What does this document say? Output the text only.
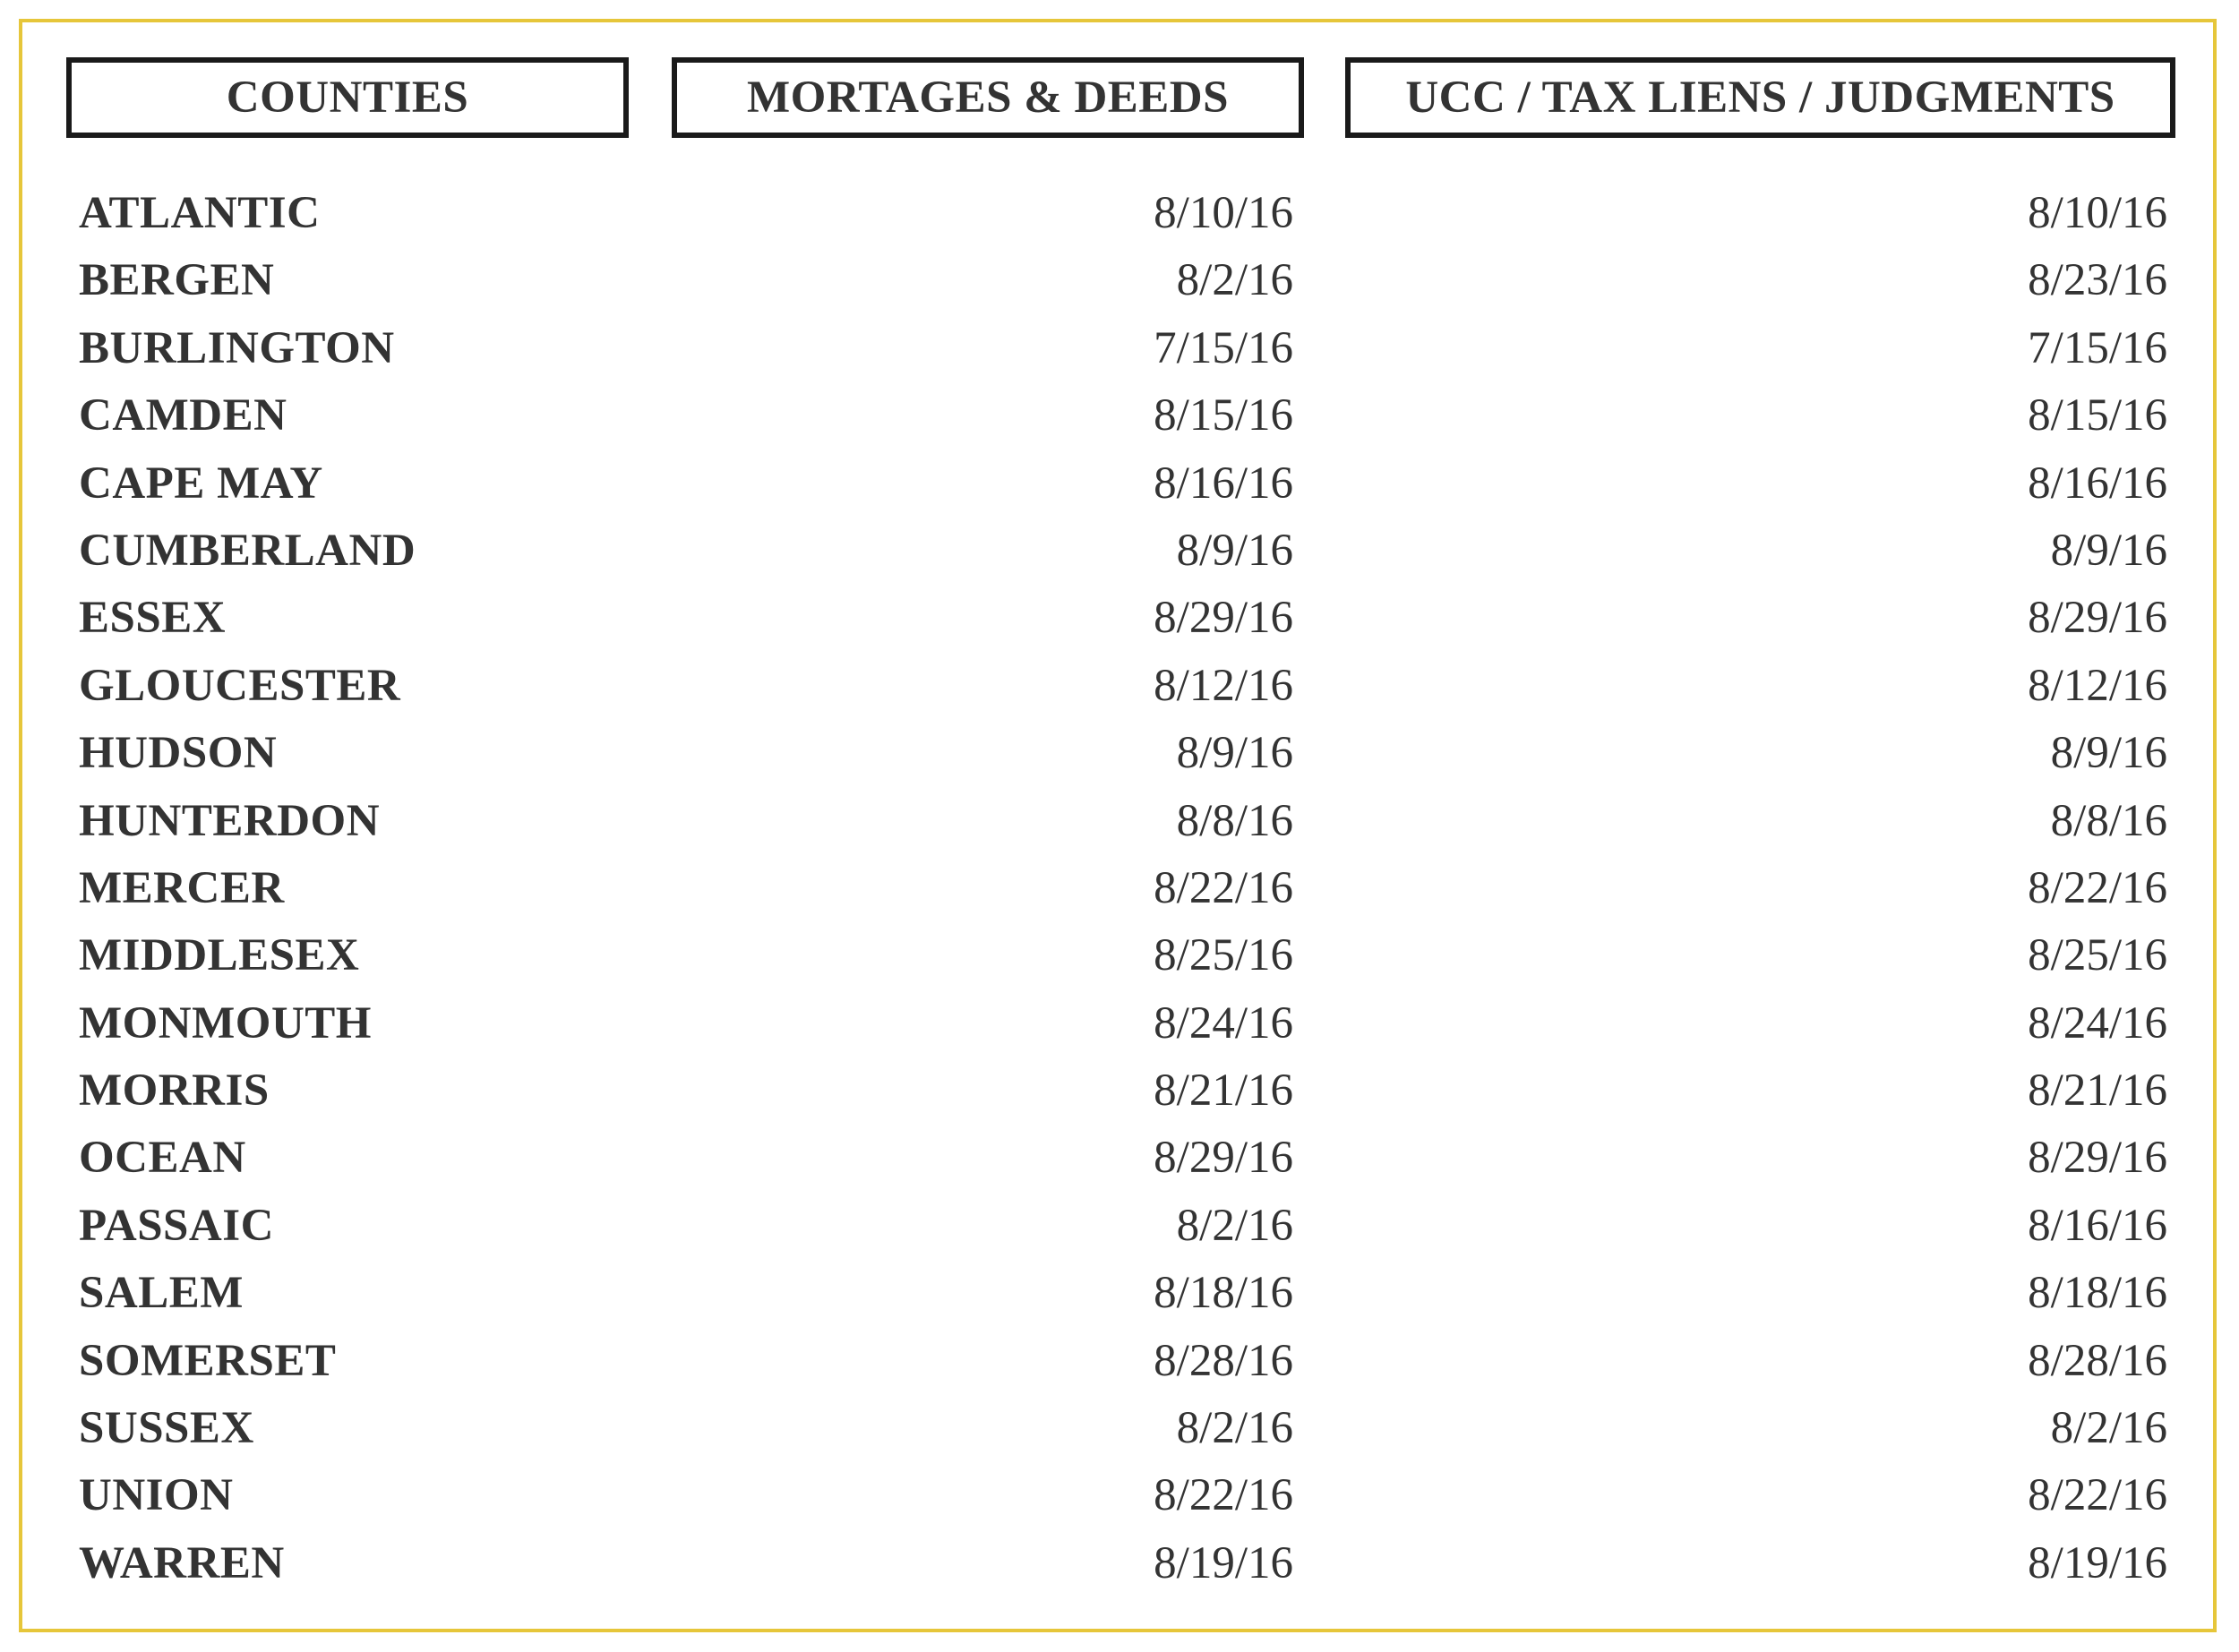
COUNTIES	MORTAGES & DEEDS	UCC / TAX LIENS / JUDGMENTS
ATLANTIC	8/10/16	8/10/16
BERGEN	8/2/16	8/23/16
BURLINGTON	7/15/16	7/15/16
CAMDEN	8/15/16	8/15/16
CAPE MAY	8/16/16	8/16/16
CUMBERLAND	8/9/16	8/9/16
ESSEX	8/29/16	8/29/16
GLOUCESTER	8/12/16	8/12/16
HUDSON	8/9/16	8/9/16
HUNTERDON	8/8/16	8/8/16
MERCER	8/22/16	8/22/16
MIDDLESEX	8/25/16	8/25/16
MONMOUTH	8/24/16	8/24/16
MORRIS	8/21/16	8/21/16
OCEAN	8/29/16	8/29/16
PASSAIC	8/2/16	8/16/16
SALEM	8/18/16	8/18/16
SOMERSET	8/28/16	8/28/16
SUSSEX	8/2/16	8/2/16
UNION	8/22/16	8/22/16
WARREN	8/19/16	8/19/16
